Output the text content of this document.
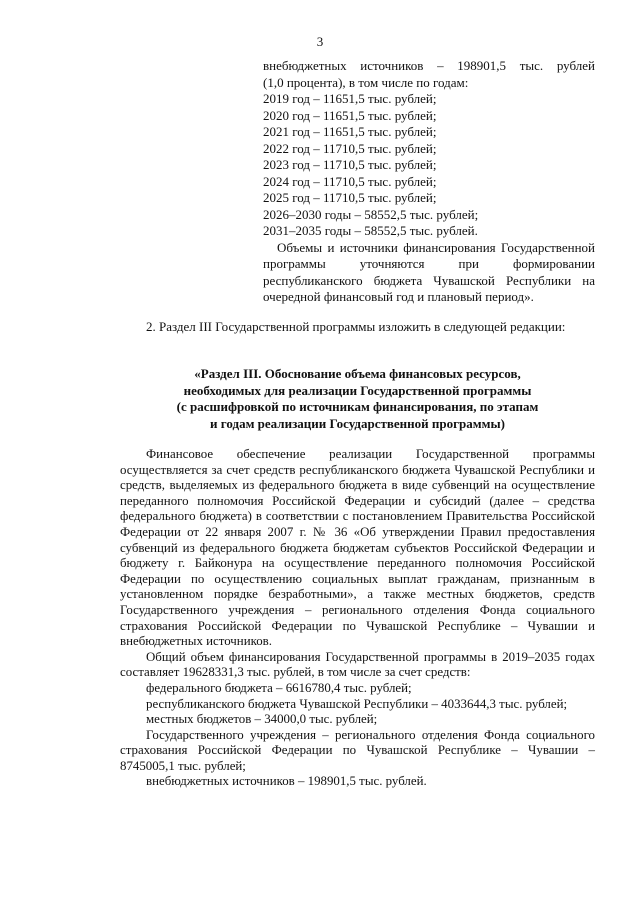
3
внебюджетных источников – 198901,5 тыс. рублей
(1,0 процента), в том числе по годам:
2019 год – 11651,5 тыс. рублей;
2020 год – 11651,5 тыс. рублей;
2021 год – 11651,5 тыс. рублей;
2022 год – 11710,5 тыс. рублей;
2023 год – 11710,5 тыс. рублей;
2024 год – 11710,5 тыс. рублей;
2025 год – 11710,5 тыс. рублей;
2026–2030 годы – 58552,5 тыс. рублей;
2031–2035 годы – 58552,5 тыс. рублей.
Объемы и источники финансирования Государственной программы уточняются при формировании республиканского бюджета Чувашской Республики на очередной финансовый год и плановый период».
2. Раздел III Государственной программы изложить в следующей редакции:
«Раздел III. Обоснование объема финансовых ресурсов,
необходимых для реализации Государственной программы
(с расшифровкой по источникам финансирования, по этапам
и годам реализации Государственной программы)

Финансовое обеспечение реализации Государственной программы осуществляется за счет средств республиканского бюджета Чувашской Республики и средств, выделяемых из федерального бюджета в виде субвенций на осуществление переданного полномочия Российской Федерации и субсидий (далее – средства федерального бюджета) в соответствии с постановлением Правительства Российской Федерации от 22 января 2007 г. № 36 «Об утверждении Правил предоставления субвенций из федерального бюджета бюджетам субъектов Российской Федерации и бюджету г. Байконура на осуществление переданного полномочия Российской Федерации по осуществлению социальных выплат гражданам, признанным в установленном порядке безработными», а также местных бюджетов, средств Государственного учреждения – регионального отделения Фонда социального страхования Российской Федерации по Чувашской Республике – Чувашии и внебюджетных источников.

Общий объем финансирования Государственной программы в 2019–2035 годах составляет 19628331,3 тыс. рублей, в том числе за счет средств:

федерального бюджета – 6616780,4 тыс. рублей;

республиканского бюджета Чувашской Республики – 4033644,3 тыс. рублей;

местных бюджетов – 34000,0 тыс. рублей;

Государственного учреждения – регионального отделения Фонда социального страхования Российской Федерации по Чувашской Республике – Чувашии – 8745005,1 тыс. рублей;

внебюджетных источников – 198901,5 тыс. рублей.
